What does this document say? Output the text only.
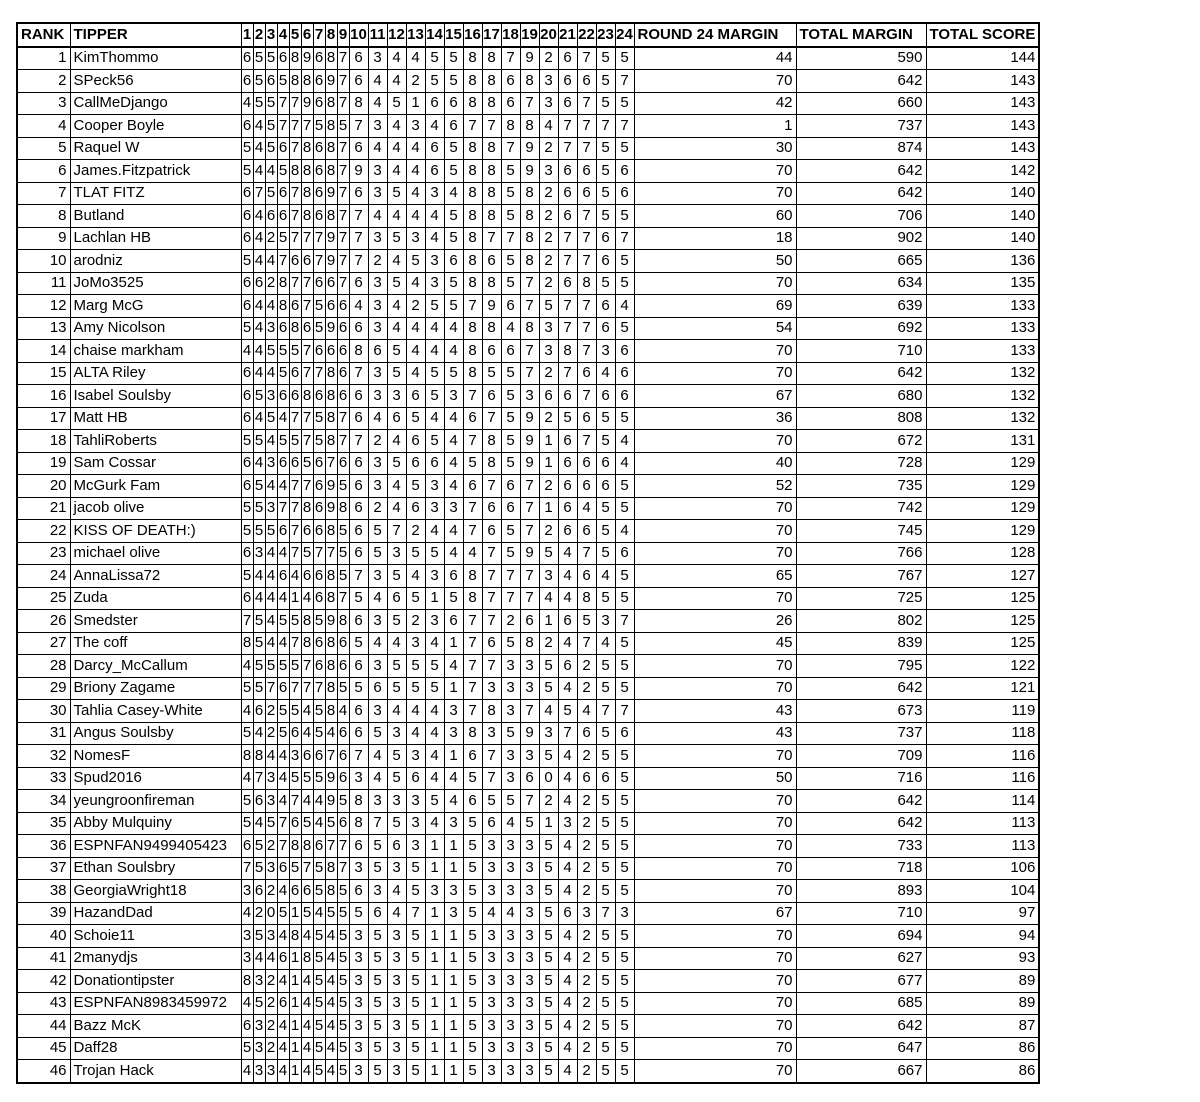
RANK	TIPPER	1	2	3	4	5	6	7	8	9	10	11	12	13	14	15	16	17	18	19	20	21	22	23	24	ROUND 24 MARGIN	TOTAL MARGIN	TOTAL SCORE
1	KimThommo	6	5	5	6	8	9	6	8	7	6	3	4	4	5	5	8	8	7	9	2	6	7	5	5	44	590	144
2	SPeck56	6	5	6	5	8	8	6	9	7	6	4	4	2	5	5	8	8	6	8	3	6	6	5	7	70	642	143
3	CallMeDjango	4	5	5	7	7	9	6	8	7	8	4	5	1	6	6	8	8	6	7	3	6	7	5	5	42	660	143
4	Cooper Boyle	6	4	5	7	7	7	5	8	5	7	3	4	3	4	6	7	7	8	8	4	7	7	7	7	1	737	143
5	Raquel W	5	4	5	6	7	8	6	8	7	6	4	4	4	6	5	8	8	7	9	2	7	7	5	5	30	874	143
6	James.Fitzpatrick	5	4	4	5	8	8	6	8	7	9	3	4	4	6	5	8	8	5	9	3	6	6	5	6	70	642	142
7	TLAT FITZ	6	7	5	6	7	8	6	9	7	6	3	5	4	3	4	8	8	5	8	2	6	6	5	6	70	642	140
8	Butland	6	4	6	6	7	8	6	8	7	7	4	4	4	4	5	8	8	5	8	2	6	7	5	5	60	706	140
9	Lachlan HB	6	4	2	5	7	7	7	9	7	7	3	5	3	4	5	8	7	7	8	2	7	7	6	7	18	902	140
10	arodniz	5	4	4	7	6	6	7	9	7	7	2	4	5	3	6	8	6	5	8	2	7	7	6	5	50	665	136
11	JoMo3525	6	6	2	8	7	7	6	6	7	6	3	5	4	3	5	8	8	5	7	2	6	8	5	5	70	634	135
12	Marg McG	6	4	4	8	6	7	5	6	6	4	3	4	2	5	5	7	9	6	7	5	7	7	6	4	69	639	133
13	Amy Nicolson	5	4	3	6	8	6	5	9	6	6	3	4	4	4	4	8	8	4	8	3	7	7	6	5	54	692	133
14	chaise markham	4	4	5	5	5	7	6	6	6	8	6	5	4	4	4	8	6	6	7	3	8	7	3	6	70	710	133
15	ALTA Riley	6	4	4	5	6	7	7	8	6	7	3	5	4	5	5	8	5	5	7	2	7	6	4	6	70	642	132
16	Isabel Soulsby	6	5	3	6	6	8	6	8	6	6	3	3	6	5	3	7	6	5	3	6	6	7	6	6	67	680	132
17	Matt HB	6	4	5	4	7	7	5	8	7	6	4	6	5	4	4	6	7	5	9	2	5	6	5	5	36	808	132
18	TahliRoberts	5	5	4	5	5	7	5	8	7	7	2	4	6	5	4	7	8	5	9	1	6	7	5	4	70	672	131
19	Sam Cossar	6	4	3	6	6	5	6	7	6	6	3	5	6	6	4	5	8	5	9	1	6	6	6	4	40	728	129
20	McGurk Fam	6	5	4	4	7	7	6	9	5	6	3	4	5	3	4	6	7	6	7	2	6	6	6	5	52	735	129
21	jacob olive	5	5	3	7	7	8	6	9	8	6	2	4	6	3	3	7	6	6	7	1	6	4	5	5	70	742	129
22	KISS OF DEATH:)	5	5	5	6	7	6	6	8	5	6	5	7	2	4	4	7	6	5	7	2	6	6	5	4	70	745	129
23	michael olive	6	3	4	4	7	5	7	7	5	6	5	3	5	5	4	4	7	5	9	5	4	7	5	6	70	766	128
24	AnnaLissa72	5	4	4	6	4	6	6	8	5	7	3	5	4	3	6	8	7	7	7	3	4	6	4	5	65	767	127
25	Zuda	6	4	4	4	1	4	6	8	7	5	4	6	5	1	5	8	7	7	7	4	4	8	5	5	70	725	125
26	Smedster	7	5	4	5	5	8	5	9	8	6	3	5	2	3	6	7	7	2	6	1	6	5	3	7	26	802	125
27	The coff	8	5	4	4	7	8	6	8	6	5	4	4	3	4	1	7	6	5	8	2	4	7	4	5	45	839	125
28	Darcy_McCallum	4	5	5	5	5	7	6	8	6	6	3	5	5	5	4	7	7	3	3	5	6	2	5	5	70	795	122
29	Briony Zagame	5	5	7	6	7	7	7	8	5	5	6	5	5	5	1	7	3	3	3	5	4	2	5	5	70	642	121
30	Tahlia Casey-White	4	6	2	5	5	4	5	8	4	6	3	4	4	4	3	7	8	3	7	4	5	4	7	7	43	673	119
31	Angus Soulsby	5	4	2	5	6	4	5	4	6	6	5	3	4	4	3	8	3	5	9	3	7	6	5	6	43	737	118
32	NomesF	8	8	4	4	3	6	6	7	6	7	4	5	3	4	1	6	7	3	3	5	4	2	5	5	70	709	116
33	Spud2016	4	7	3	4	5	5	5	9	6	3	4	5	6	4	4	5	7	3	6	0	4	6	6	5	50	716	116
34	yeungroonfireman	5	6	3	4	7	4	4	9	5	8	3	3	3	5	4	6	5	5	7	2	4	2	5	5	70	642	114
35	Abby Mulquiny	5	4	5	7	6	5	4	5	6	8	7	5	3	4	3	5	6	4	5	1	3	2	5	5	70	642	113
36	ESPNFAN9499405423	6	5	2	7	8	8	6	7	7	6	5	6	3	1	1	5	3	3	3	5	4	2	5	5	70	733	113
37	Ethan Soulsbry	7	5	3	6	5	7	5	8	7	3	5	3	5	1	1	5	3	3	3	5	4	2	5	5	70	718	106
38	GeorgiaWright18	3	6	2	4	6	6	5	8	5	6	3	4	5	3	3	5	3	3	3	5	4	2	5	5	70	893	104
39	HazandDad	4	2	0	5	1	5	4	5	5	5	6	4	7	1	3	5	4	4	3	5	6	3	7	3	67	710	97
40	Schoie11	3	5	3	4	8	4	5	4	5	3	5	3	5	1	1	5	3	3	3	5	4	2	5	5	70	694	94
41	2manydjs	3	4	4	6	1	8	5	4	5	3	5	3	5	1	1	5	3	3	3	5	4	2	5	5	70	627	93
42	Donationtipster	8	3	2	4	1	4	5	4	5	3	5	3	5	1	1	5	3	3	3	5	4	2	5	5	70	677	89
43	ESPNFAN8983459972	4	5	2	6	1	4	5	4	5	3	5	3	5	1	1	5	3	3	3	5	4	2	5	5	70	685	89
44	Bazz McK	6	3	2	4	1	4	5	4	5	3	5	3	5	1	1	5	3	3	3	5	4	2	5	5	70	642	87
45	Daff28	5	3	2	4	1	4	5	4	5	3	5	3	5	1	1	5	3	3	3	5	4	2	5	5	70	647	86
46	Trojan Hack	4	3	3	4	1	4	5	4	5	3	5	3	5	1	1	5	3	3	3	5	4	2	5	5	70	667	86
